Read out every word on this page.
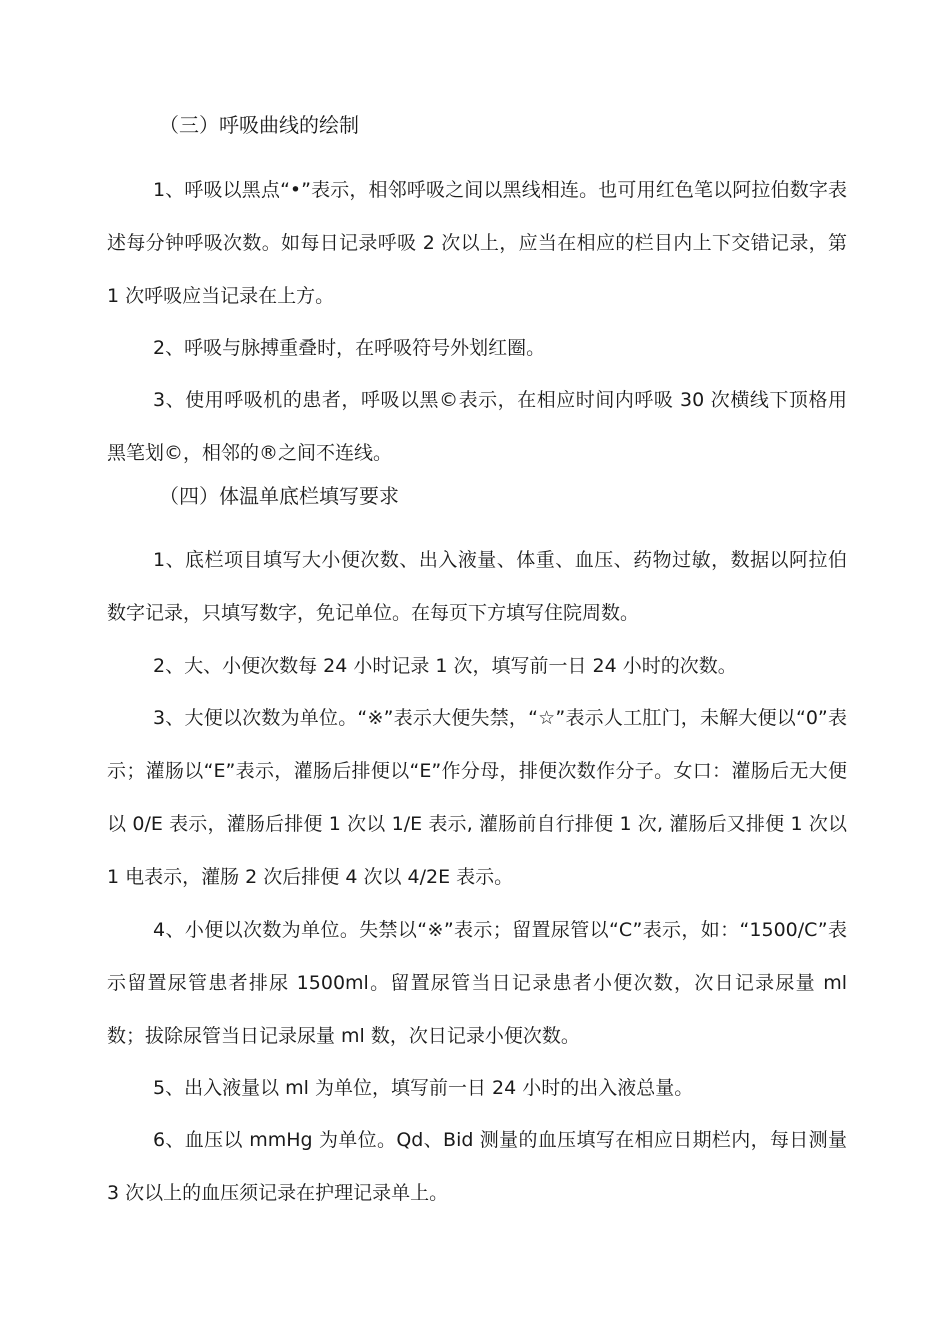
（三）呼吸曲线的绘制

1、呼吸以黑点“•”表示，相邻呼吸之间以黑线相连。也可用红色笔以阿拉伯数字表述每分钟呼吸次数。如每日记录呼吸 2 次以上，应当在相应的栏目内上下交错记录，第 1 次呼吸应当记录在上方。

2、呼吸与脉搏重叠时，在呼吸符号外划红圈。

3、使用呼吸机的患者，呼吸以黑©表示，在相应时间内呼吸 30 次横线下顶格用黑笔划©，相邻的®之间不连线。

（四）体温单底栏填写要求

1、底栏项目填写大小便次数、出入液量、体重、血压、药物过敏，数据以阿拉伯数字记录，只填写数字，免记单位。在每页下方填写住院周数。

2、大、小便次数每 24 小时记录 1 次，填写前一日 24 小时的次数。

3、大便以次数为单位。“※”表示大便失禁，“☆”表示人工肛门，未解大便以“0”表示；灌肠以“E”表示，灌肠后排便以“E”作分母，排便次数作分子。女口：灌肠后无大便以 0/E 表示，灌肠后排便 1 次以 1/E 表示, 灌肠前自行排便 1 次, 灌肠后又排便 1 次以 1 电表示，灌肠 2 次后排便 4 次以 4/2E 表示。

4、小便以次数为单位。失禁以“※”表示；留置尿管以“C”表示，如：“1500/C”表示留置尿管患者排尿 1500ml。留置尿管当日记录患者小便次数，次日记录尿量 ml 数；拔除尿管当日记录尿量 ml 数，次日记录小便次数。

5、出入液量以 ml 为单位，填写前一日 24 小时的出入液总量。

6、血压以 mmHg 为单位。Qd、Bid 测量的血压填写在相应日期栏内，每日测量 3 次以上的血压须记录在护理记录单上。
